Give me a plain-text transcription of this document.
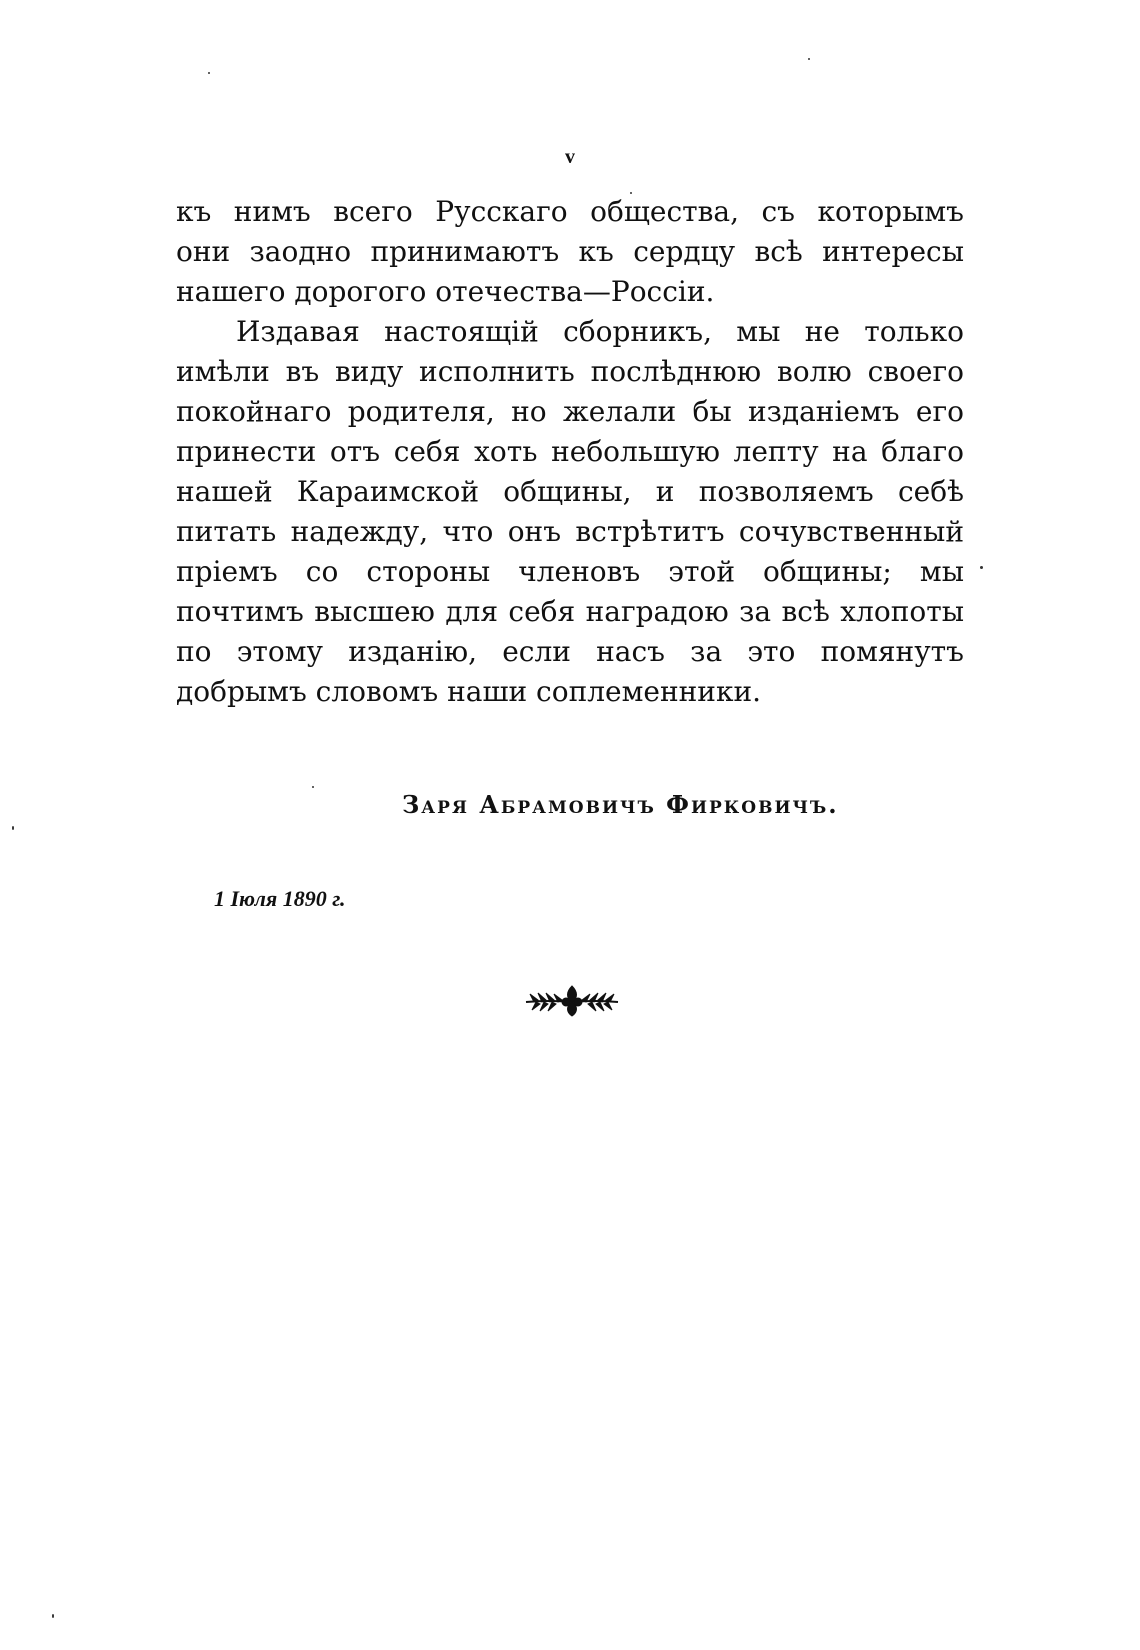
v
къ нимъ всего Русскаго общества, съ которымъ
они заодно принимаютъ къ сердцу всѣ интересы
нашего дорогого отечества—Россіи.
Издавая настоящій сборникъ, мы не только
имѣли въ виду исполнить послѣднюю волю своего
покойнаго родителя, но желали бы изданіемъ его
принести отъ себя хоть небольшую лепту на благо
нашей Караимской общины, и позволяемъ себѣ
питать надежду, что онъ встрѣтитъ сочувственный
пріемъ со стороны членовъ этой общины; мы
почтимъ высшею для себя наградою за всѣ хлопоты
по этому изданію, если насъ за это помянутъ
добрымъ словомъ наши соплеменники.
Заря Абрамовичъ Фирковичъ.
1 Іюля 1890 г.
